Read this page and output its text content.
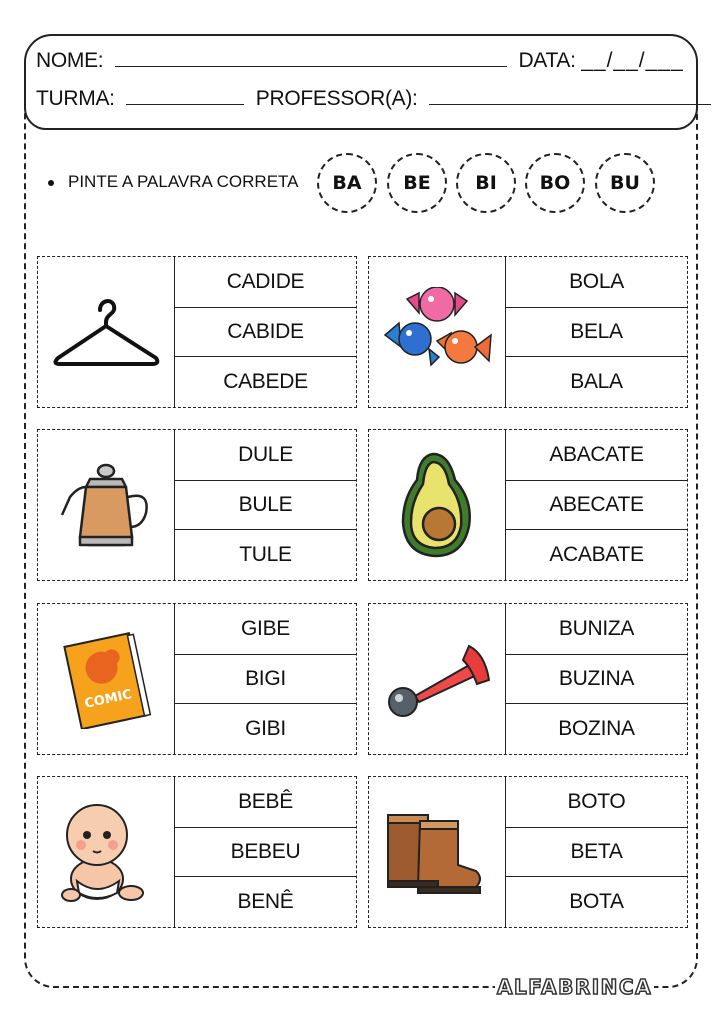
NOME:	DATA: __/__/___
TURMA:	PROFESSOR(A):
PINTE A PALAVRA CORRETA	BA	BE	BI	BO	BU
CADIDE
CABIDE
CABEDE
BOLA
BELA
BALA
DULE
BULE
TULE
ABACATE
ABECATE
ACABATE
COMIC
GIBE
BIGI
GIBI
BUNIZA
BUZINA
BOZINA
BEBÊ
BEBEU
BENÊ
BOTO
BETA
BOTA
ALFABRINCA
